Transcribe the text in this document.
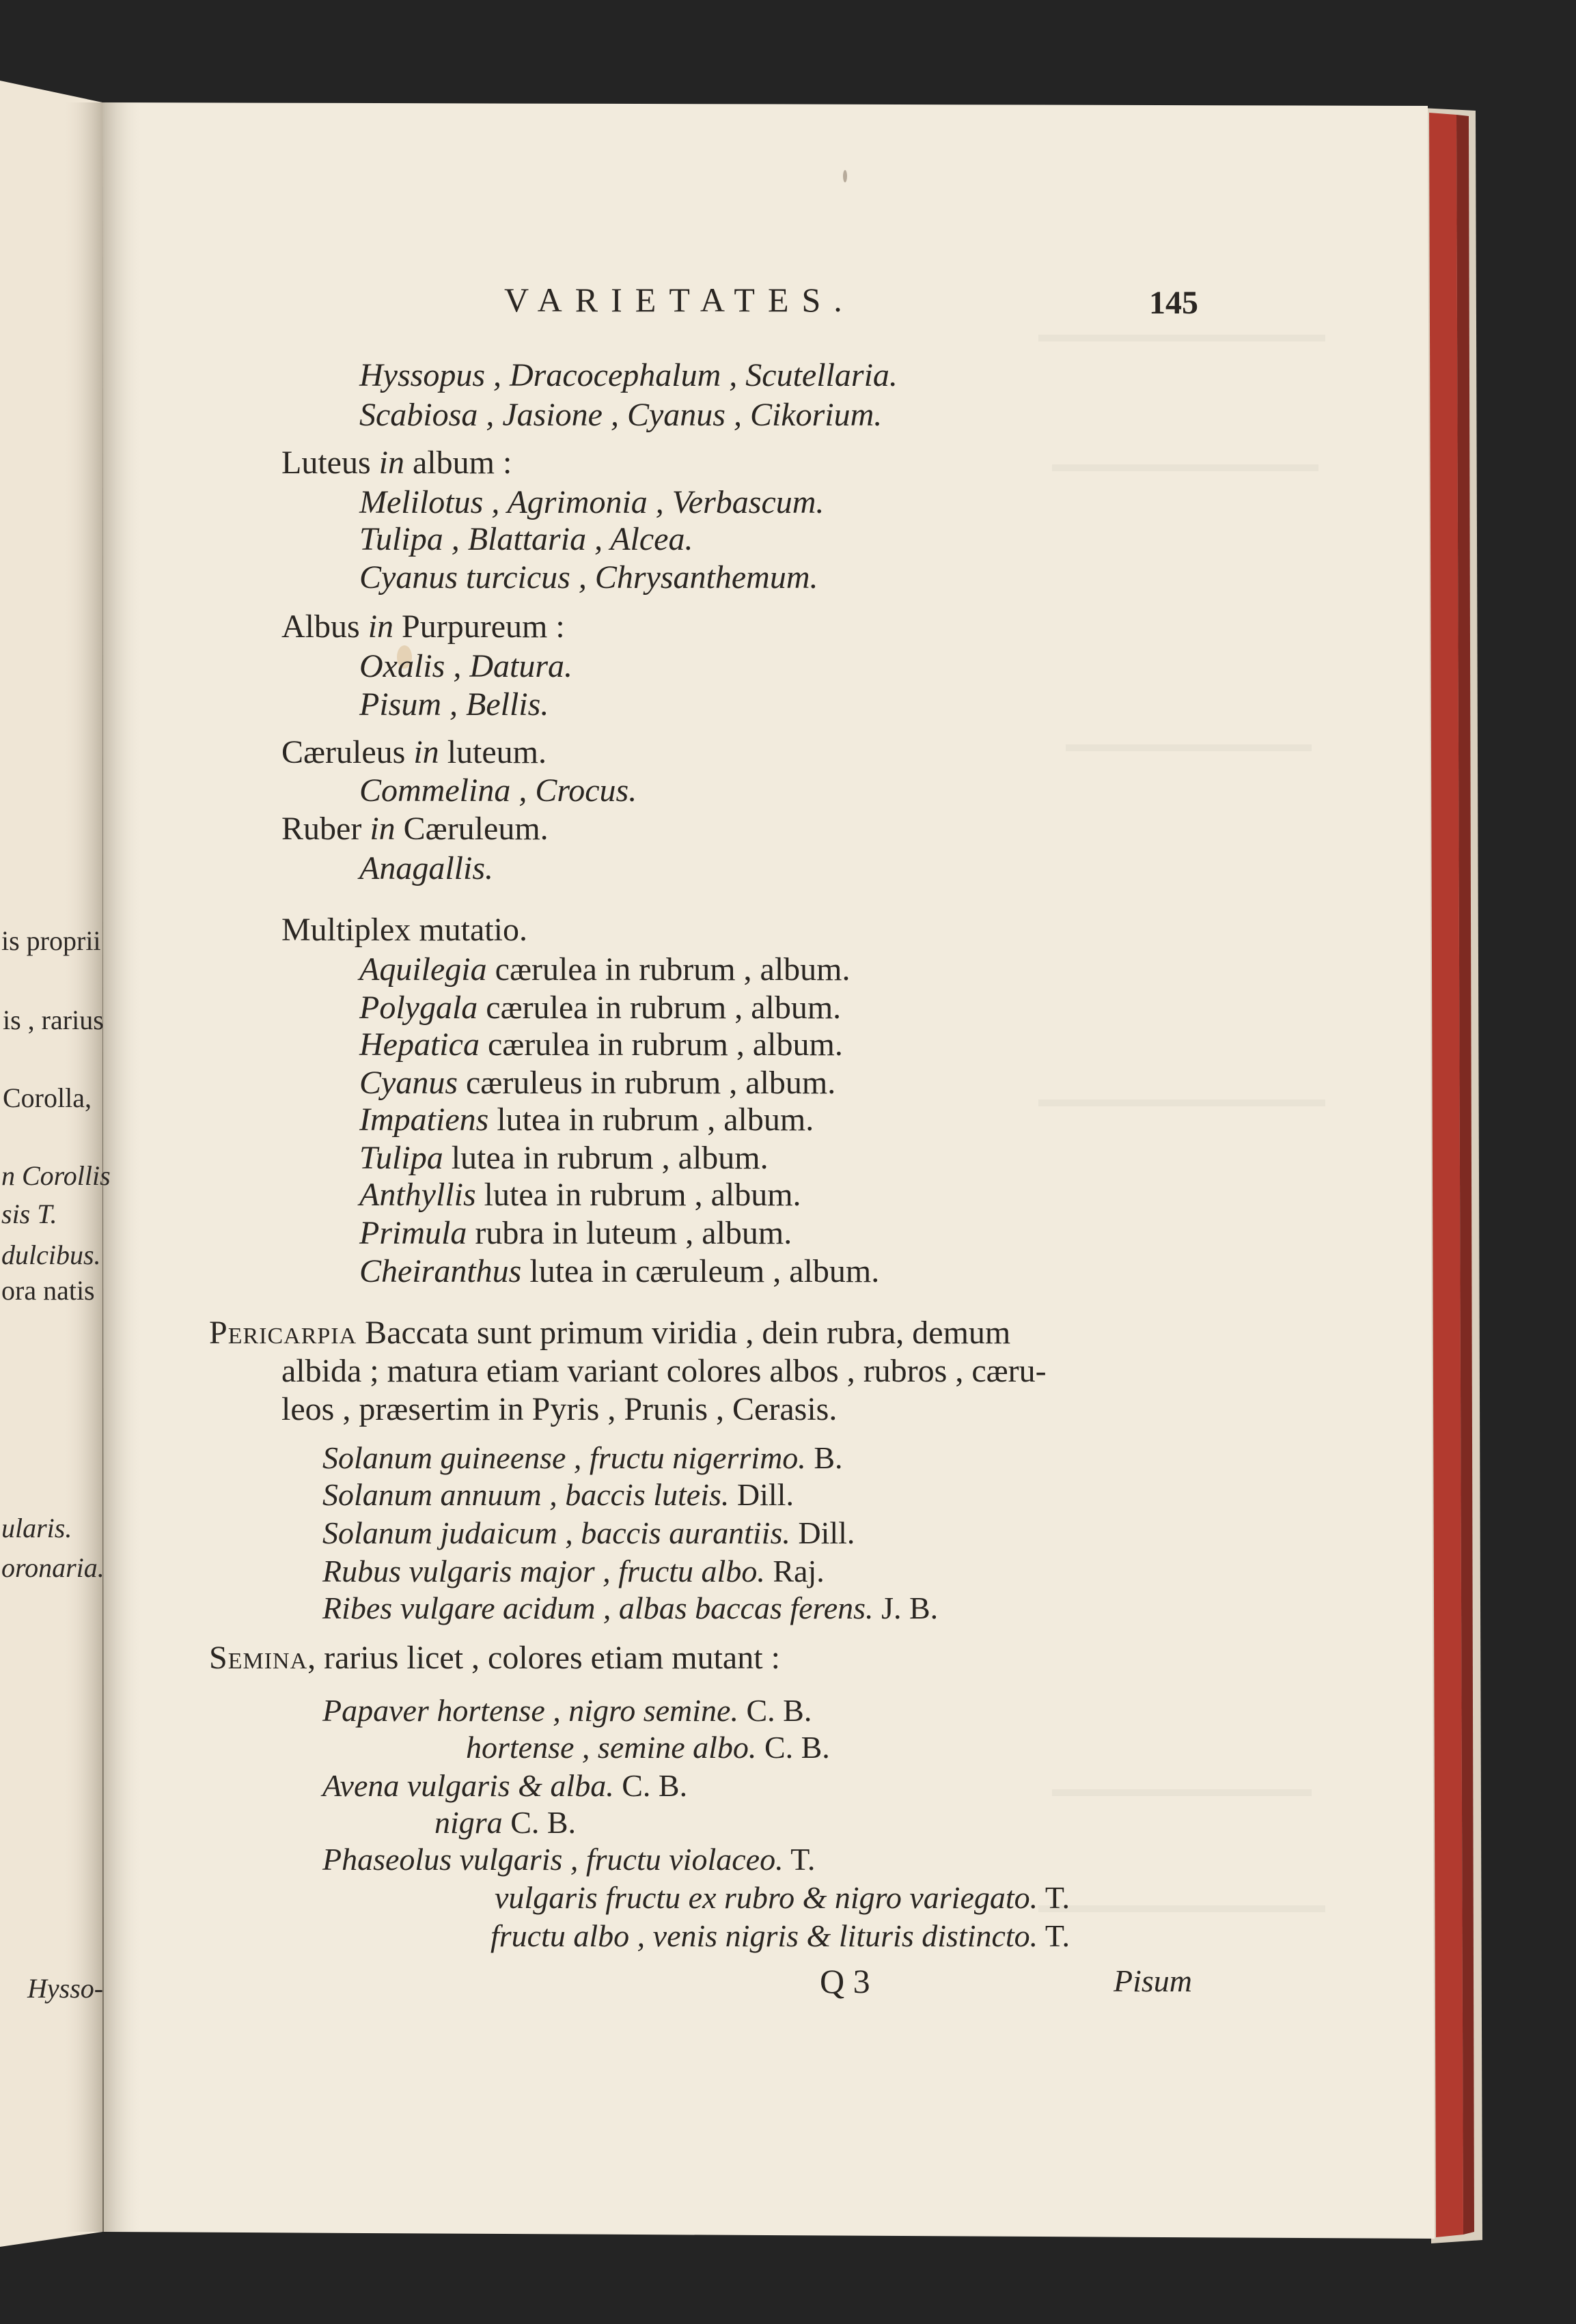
is proprii
is , rarius
Corolla,
n Corollis
sis T.
dulcibus.
ora natis
ularis.
oronaria.
Hysso-
VARIETATES.	145
Hyssopus , Dracocephalum , Scutellaria.
Scabiosa , Jasione , Cyanus , Cikorium.
Luteus in album :
Melilotus , Agrimonia , Verbascum.
Tulipa , Blattaria , Alcea.
Cyanus turcicus , Chrysanthemum.
Albus in Purpureum :
Oxalis , Datura.
Pisum , Bellis.
Cæruleus in luteum.
Commelina , Crocus.
Ruber in Cæruleum.
Anagallis.
Multiplex mutatio.
Aquilegia cærulea in rubrum , album.
Polygala cærulea in rubrum , album.
Hepatica cærulea in rubrum , album.
Cyanus cæruleus in rubrum , album.
Impatiens lutea in rubrum , album.
Tulipa lutea in rubrum , album.
Anthyllis lutea in rubrum , album.
Primula rubra in luteum , album.
Cheiranthus lutea in cæruleum , album.
Pericarpia Baccata sunt primum viridia , dein rubra, demum
albida ; matura etiam variant colores albos , rubros , cæru-
leos , præsertim in Pyris , Prunis , Cerasis.
Solanum guineense , fructu nigerrimo. B.
Solanum annuum , baccis luteis. Dill.
Solanum judaicum , baccis aurantiis. Dill.
Rubus vulgaris major , fructu albo. Raj.
Ribes vulgare acidum , albas baccas ferens. J. B.
Semina, rarius licet , colores etiam mutant :
Papaver hortense , nigro semine. C. B.
hortense , semine albo. C. B.
Avena vulgaris & alba. C. B.
nigra C. B.
Phaseolus vulgaris , fructu violaceo. T.
vulgaris fructu ex rubro & nigro variegato. T.
fructu albo , venis nigris & lituris distincto. T.
Q 3	Pisum
